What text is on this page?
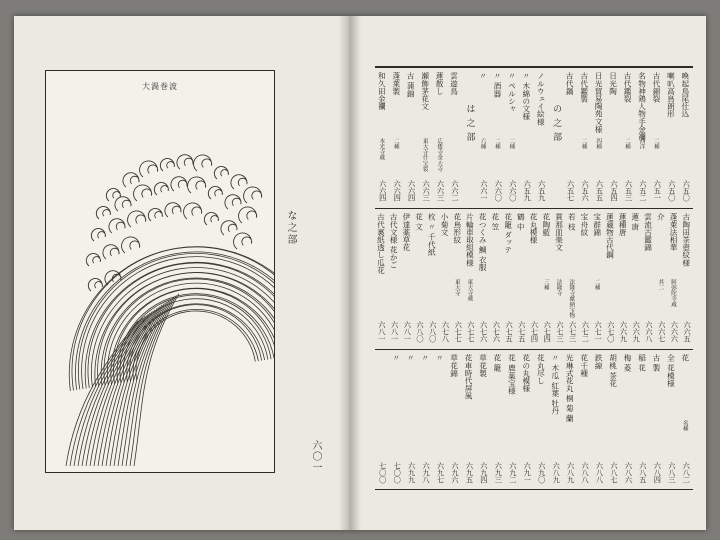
大渦巻波
な之部
六〇一
喚起鳥尾仕込
六五〇
喇叭高鳥朗形
六五〇
古代錦裂
二種
六五一
名物神鶏人物手金襴
西洋
六五二
古代鑑裂
二種
六五三
日光陶
六五四
日光貿易陶苑文様
四種
六五五
古代鑑製
二種
六五六
古代鍋
六五七
の之部
ノルウェイ絵様
六五九
〃 木綿の文様
六五九
〃 ペルシャ
二種
六六〇
〃 酒器
二種
六六〇
〃
六種
六六一
は之部
雲遊鳥
六六二
蓮散し
広倭寺金大寺
六六三
瀬飾茅花文
東大寺什宝裂
六六三
古 蒲錦
六六四
蓬莱製
二種
六六四
和久田金襴
本光寺蔵
六六四
古陶田茶壺紋様
六六五
蓬萊法相華
阿弥陀寺蔵
六六六
介
其二
六六七
雲流古鑑錦
六六八
蓮 唐
六六九
蓮種唐
六六九
蓮蔵物古代鋼
六七〇
宝群錦
二種
六七一
宝舟紋
六七二
若 枝
法隆寺献納宝物
六七三
貫那皿楽文
法隆寺
六七三
花陶藍
三種
六七四
花丸模様
六七四
鶴 中
六七五
花籠 ダッテ
六七五
花 笠
六七六
花つくみ 鯛 衣服
六七六
片輪車取組模様
東大寺蔵
六七七
花鳥形紋
東大寺
六七七
小菊文
六七八
枚 〃 千代紙
六八〇
花 文
六八〇
伊達薬草花
六八一
古代文様 花かご
六八一
古代裏紙透し瓜花
六八一
花
名種
六八二
全 花模様
六八三
古 製
六八四
稲 花
六八五
梅 菱
六八六
胡桃 茶花
六八七
鉄線
六八八
花千種
六八八
光琳式花丸 桐 菊 蘭
六八九
〃 木瓜 紅葉 牡丹
六八九
花丸尽し
六九〇
花の丸模様
六九一
花 鹿薬宝様
六九二
花 籠
六九三
草花製
六九四
花車時代屏風
六九五
草花錦
六九六
〃
六九七
〃
六九八
〃
六九九
〃
七〇〇
七〇〇
